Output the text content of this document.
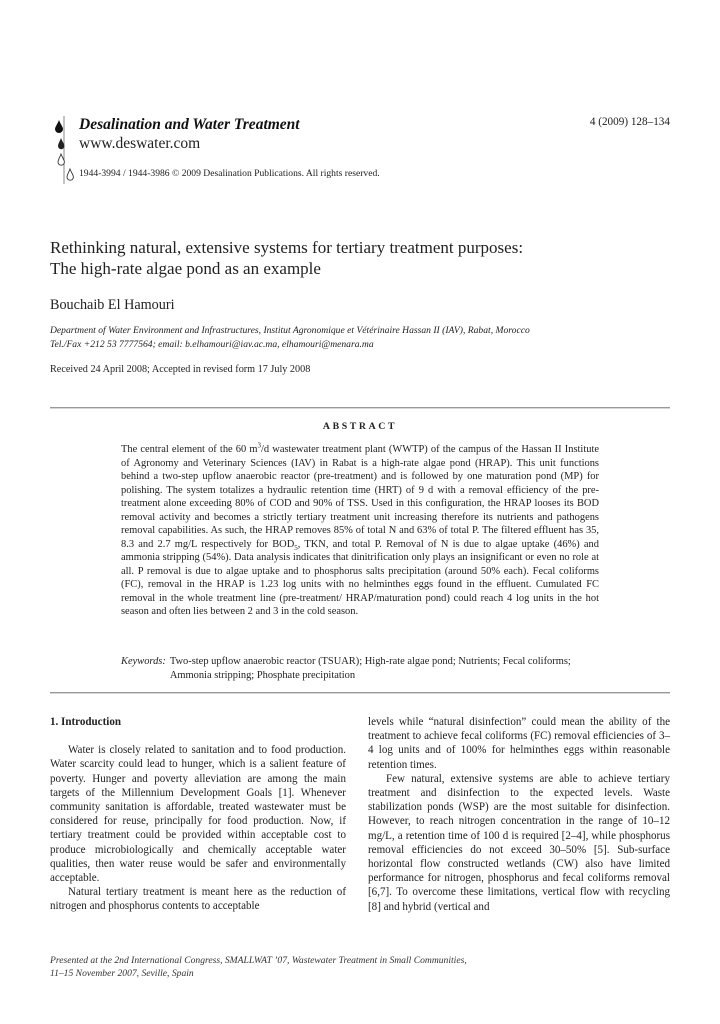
Desalination and Water Treatment
www.deswater.com
1944-3994 / 1944-3986 © 2009 Desalination Publications. All rights reserved.
4 (2009) 128–134
Rethinking natural, extensive systems for tertiary treatment purposes:
The high-rate algae pond as an example
Bouchaib El Hamouri
Department of Water Environment and Infrastructures, Institut Agronomique et Vétérinaire Hassan II (IAV), Rabat, Morocco
Tel./Fax +212 53 7777564; email: b.elhamouri@iav.ac.ma, elhamouri@menara.ma
Received 24 April 2008; Accepted in revised form 17 July 2008
ABSTRACT
The central element of the 60 $m^3/d$ wastewater treatment plant (WWTP) of the campus of the Hassan II Institute of Agronomy and Veterinary Sciences (IAV) in Rabat is a high-rate algae pond (HRAP). This unit functions behind a two-step upflow anaerobic reactor (pre-treatment) and is followed by one maturation pond (MP) for polishing. The system totalizes a hydraulic retention time (HRT) of 9 d with a removal efficiency of the pre-treatment alone exceeding 80% of COD and 90% of TSS. Used in this configuration, the HRAP looses its BOD removal activity and becomes a strictly tertiary treatment unit increasing therefore its nutrients and pathogens removal capabilities. As such, the HRAP removes 85% of total N and 63% of total P. The filtered effluent has 35, 8.3 and 2.7 mg/L respectively for $BOD_5$, TKN, and total P. Removal of N is due to algae uptake (46%) and ammonia stripping (54%). Data analysis indicates that dinitrification only plays an insignificant or even no role at all. P removal is due to algae uptake and to phosphorus salts precipitation (around 50% each). Fecal coliforms (FC), removal in the HRAP is 1.23 log units with no helminthes eggs found in the effluent. Cumulated FC removal in the whole treatment line (pre-treatment/ HRAP/maturation pond) could reach 4 log units in the hot season and often lies between 2 and 3 in the cold season.
Keywords: Two-step upflow anaerobic reactor (TSUAR); High-rate algae pond; Nutrients; Fecal coliforms; Ammonia stripping; Phosphate precipitation
1. Introduction

Water is closely related to sanitation and to food production. Water scarcity could lead to hunger, which is a salient feature of poverty. Hunger and poverty alleviation are among the main targets of the Millennium Development Goals [1]. Whenever community sanitation is affordable, treated wastewater must be considered for reuse, principally for food production. Now, if tertiary treatment could be provided within acceptable cost to produce microbiologically and chemically acceptable water qualities, then water reuse would be safer and environmentally acceptable.

Natural tertiary treatment is meant here as the reduction of nitrogen and phosphorus contents to acceptable

levels while “natural disinfection” could mean the ability of the treatment to achieve fecal coliforms (FC) removal efficiencies of 3–4 log units and of 100% for helminthes eggs within reasonable retention times.

Few natural, extensive systems are able to achieve tertiary treatment and disinfection to the expected levels. Waste stabilization ponds (WSP) are the most suitable for disinfection. However, to reach nitrogen concentration in the range of 10–12 mg/L, a retention time of 100 d is required [2–4], while phosphorus removal efficiencies do not exceed 30–50% [5]. Sub-surface horizontal flow constructed wetlands (CW) also have limited performance for nitrogen, phosphorus and fecal coliforms removal [6,7]. To overcome these limitations, vertical flow with recycling [8] and hybrid (vertical and

Presented at the 2nd International Congress, SMALLWAT ’07, Wastewater Treatment in Small Communities,
11–15 November 2007, Seville, Spain
